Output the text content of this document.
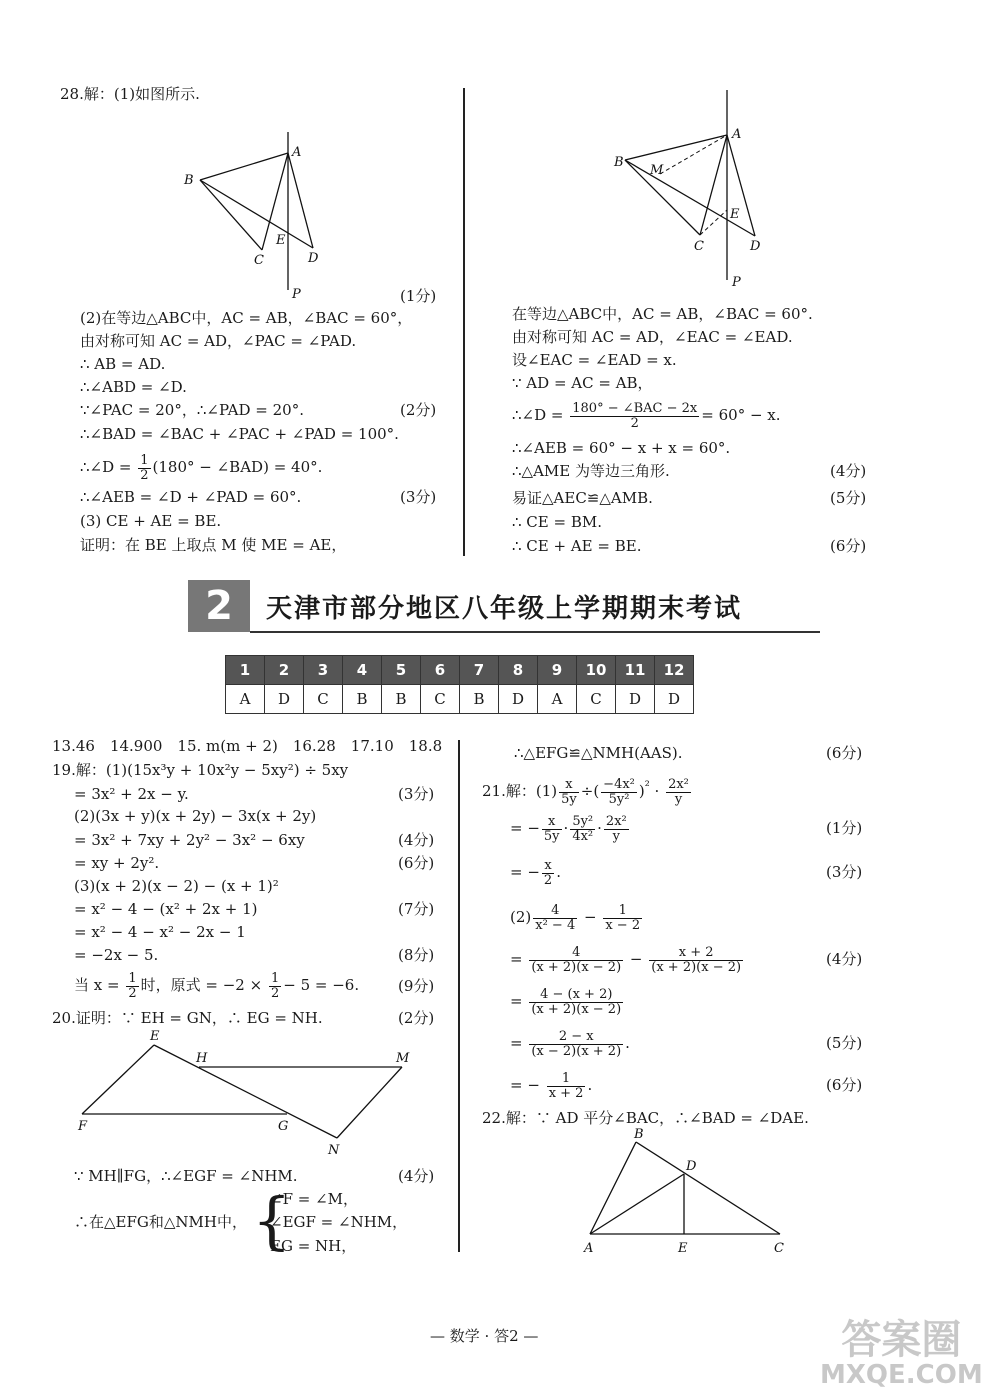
28.解：(1)如图所示.
A
B
C	D
E
P	(1分)
(2)在等边△ABC中，AC = AB，∠BAC = 60°，
由对称可知 AC = AD，∠PAC = ∠PAD.
∴ AB = AD.
∴∠ABD = ∠D.
∵∠PAC = 20°，∴∠PAD = 20°.	(2分)
∴∠BAD = ∠BAC + ∠PAC + ∠PAD = 100°.
∴∠D = $\frac{1}{2} (180^\circ$ − ∠BAD) = 40°.
∴∠AEB = ∠D + ∠PAD = 60°.	(3分)
(3) CE + AE = BE.
证明：在 BE 上取点 M 使 ME = AE，
A
B
M
C	D
E
P
在等边△ABC中，AC = AB，∠BAC = 60°.
由对称可知 AC = AD，∠EAC = ∠EAD.
设∠EAC = ∠EAD = x.
∵ AD = AC = AB，
∴∠D = $\frac{\text{180° − ∠BAC − 2x}}{2} = 60^\circ - x$.
∴∠AEB = 60° − x + x = 60°.
∴△AME 为等边三角形.	(4分)
易证△AEC≌△AMB.	(5分)
∴ CE = BM.
∴ CE + AE = BE.	(6分)
2	天津市部分地区八年级上学期期末考试
1	2	3	4	5	6	7	8	9	10	11	12
A	D	C	B	B	C	B	D	A	C	D	D
13.46　14.900　15. m(m + 2)　16.28　17.10　18.8
19.解：(1)(15x³y + 10x²y − 5xy²) ÷ 5xy
= 3x² + 2x − y.	(3分)
(2)(3x + y)(x + 2y) − 3x(x + 2y)
= 3x² + 7xy + 2y² − 3x² − 6xy	(4分)
= xy + 2y².	(6分)
(3)(x + 2)(x − 2) − (x + 1)²
= x² − 4 − (x² + 2x + 1)	(7分)
= x² − 4 − x² − 2x − 1
= −2x − 5.	(8分)
当 $x = \frac{1}{2}$ 时，原式 = $-2 \times \frac{1}{2} - 5 = -6$.	(9分)
20.证明：∵ EH = GN，∴ EG = NH.	(2分)
E
H	M
F	G
N
∵ MH∥FG，∴∠EGF = ∠NHM.	(4分)
∴在△EFG和△NMH中， {
∠F = ∠M，
∠EGF = ∠NHM，
EG = NH，
∴△EFG≌△NMH(AAS).	(6分)
21.解：$(1) \frac{x}{5y}$ ÷( $\frac{\text{−4x²}}{\text{5y²}} )^{^2} \cdot \frac{\text{2x²}}{y}$
= − $\frac{x}{5y} \cdot \frac{\text{5y²}}{\text{4x²}} \cdot \frac{\text{2x²}}{y}$	(1分)
= − $\frac{x}{2}$ .	(3分)
$(2) \frac{4}{\text{x² − 4}} - \frac{1}{x - 2}$
= $\frac{4}{(x + 2)(x - 2)} - \frac{x + 2}{(x + 2)(x - 2)}$	(4分)
= $\frac{4 - (x + 2)}{(x + 2)(x - 2)}$
= $\frac{2 - x}{(x - 2)(x + 2)}$ .	(5分)
= − $\frac{1}{x + 2}$ .	(6分)
22.解：∵ AD 平分∠BAC，∴∠BAD = ∠DAE.
B
D
A	E	C
— 数学 · 答2 —	答案圈
MXQE.COM
